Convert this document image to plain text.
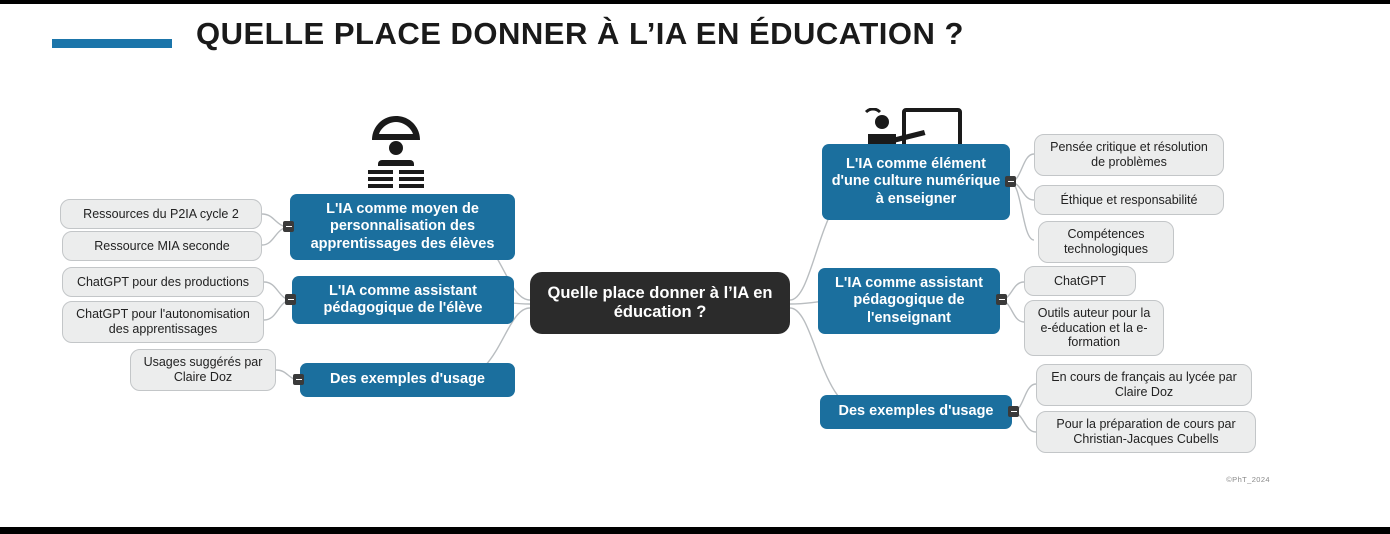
QUELLE PLACE DONNER À L’IA EN ÉDUCATION ?
Quelle place donner à l’IA en éducation ?
L'IA comme moyen de personnalisation des apprentissages des élèves
L'IA comme assistant pédagogique de l'élève
Des exemples d'usage
Ressources du P2IA cycle 2
Ressource MIA seconde
ChatGPT pour des productions
ChatGPT pour l'autonomisation des apprentissages
Usages suggérés par Claire Doz
L'IA comme élément d'une culture numérique à enseigner
L'IA comme assistant pédagogique de l'enseignant
Des exemples d'usage
Pensée critique et résolution de problèmes
Éthique et responsabilité
Compétences technologiques
ChatGPT
Outils auteur pour la e-éducation et la e-formation
En cours de français au lycée par Claire Doz
Pour la préparation de cours par Christian-Jacques Cubells
©PhT_2024
